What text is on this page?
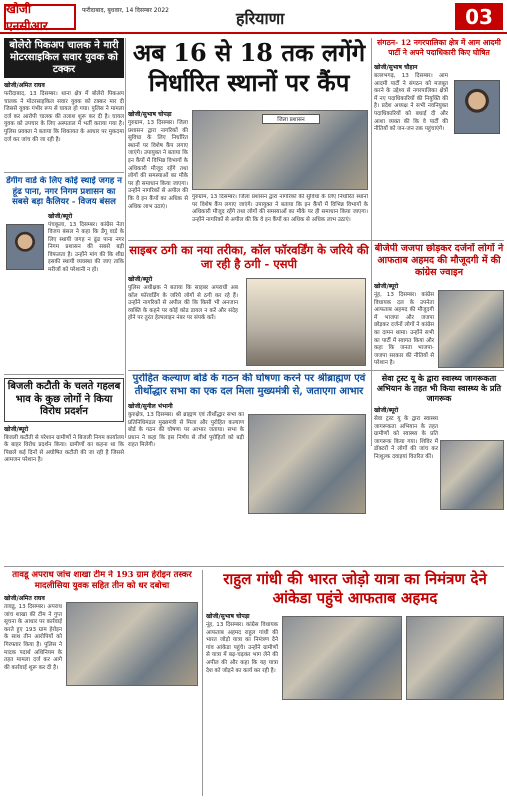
खोजी एनसीआर
फरीदाबाद, बुधवार, 14 दिसम्बर 2022	हरियाणा	03
बोलेरो पिकअप चालक ने मारी मोटरसाइकिल सवार युवक को टक्कर
खोजी/अमित राघव
फरीदाबाद, 13 दिसम्बर। थाना क्षेत्र में बोलेरो पिकअप चालक ने मोटरसाइकिल सवार युवक को टक्कर मार दी जिससे युवक गंभीर रूप से घायल हो गया। पुलिस ने मामला दर्ज कर आरोपी चालक की तलाश शुरू कर दी है। घायल युवक को उपचार के लिए अस्पताल में भर्ती कराया गया है। पुलिस प्रवक्ता ने बताया कि शिकायत के आधार पर मुकदमा दर्ज कर जांच की जा रही है।
अब 16 से 18 तक लगेंगे निर्धारित स्थानों पर कैंप
संगठन- 12 नगरपालिका क्षेत्र में आम आदमी पार्टी ने अपने पदाधिकारी किए घोषित
खोजी/सुभाष चौहान
बल्लभगढ़, 13 दिसम्बर। आम आदमी पार्टी ने संगठन को मजबूत करने के उद्देश्य से नगरपालिका क्षेत्रों में नए पदाधिकारियों की नियुक्ति की है। प्रदेश अध्यक्ष ने सभी नवनियुक्त पदाधिकारियों को बधाई दी और आशा व्यक्त की कि वे पार्टी की नीतियों को जन-जन तक पहुंचाएंगे।
खोजी/सुभाष चोपड़ा
गुरुग्राम, 13 दिसम्बर। जिला प्रशासन द्वारा नागरिकों की सुविधा के लिए निर्धारित स्थानों पर विशेष कैंप लगाए जाएंगे। उपायुक्त ने बताया कि इन कैंपों में विभिन्न विभागों के अधिकारी मौजूद रहेंगे तथा लोगों की समस्याओं का मौके पर ही समाधान किया जाएगा। उन्होंने नागरिकों से अपील की कि वे इन कैंपों का अधिक से अधिक लाभ उठाएं।
जिला प्रशासन
गुरुग्राम, 13 दिसम्बर। जिला प्रशासन द्वारा नागरिकों की सुविधा के लिए निर्धारित स्थानों पर विशेष कैंप लगाए जाएंगे। उपायुक्त ने बताया कि इन कैंपों में विभिन्न विभागों के अधिकारी मौजूद रहेंगे तथा लोगों की समस्याओं का मौके पर ही समाधान किया जाएगा। उन्होंने नागरिकों से अपील की कि वे इन कैंपों का अधिक से अधिक लाभ उठाएं।
डेंगीग वार्ड के लिए कोई स्थाई जगह न हूंढ पाना, नगर निगम प्रशासन का सबसे बड़ा कैलियर - विजय बंसल
खोजी/ब्यूरो
पंचकूला, 13 दिसम्बर। कांग्रेस नेता विजय बंसल ने कहा कि डेंगू वार्ड के लिए स्थायी जगह न ढूंढ पाना नगर निगम प्रशासन की सबसे बड़ी विफलता है। उन्होंने मांग की कि शीघ्र इसकी स्थायी व्यवस्था की जाए ताकि मरीजों को परेशानी न हो।
साइबर ठगी का नया तरीका, कॉल फॉरवर्डिंग के जरिये की जा रही है ठगी - एसपी
खोजी/ब्यूरो
पुलिस अधीक्षक ने बताया कि साइबर अपराधी अब कॉल फॉरवर्डिंग के जरिये लोगों से ठगी कर रहे हैं। उन्होंने नागरिकों से अपील की कि किसी भी अनजान व्यक्ति के कहने पर कोई कोड डायल न करें और संदेह होने पर तुरंत हेल्पलाइन नंबर पर संपर्क करें।
बीजेपी जजपा छोड़कर दर्जनों लोगों ने आफताब अहमद की मौजूदगी में की कांग्रेस ज्वाइन
खोजी/ब्यूरो
नूंह, 13 दिसम्बर। कांग्रेस विधायक दल के उपनेता आफताब अहमद की मौजूदगी में भाजपा और जजपा छोड़कर दर्जनों लोगों ने कांग्रेस का दामन थामा। उन्होंने सभी का पार्टी में स्वागत किया और कहा कि जनता भाजपा-जजपा सरकार की नीतियों से परेशान है।
पुरोहित कल्याण बोर्ड के गठन की घोषणा करने पर श्रीब्राह्मण एवं तीर्थोद्धार सभा का एक दल मिला मुख्यमंत्री से, जताएगा आभार
खोजी/सुनील भंभानी
कुरुक्षेत्र, 13 दिसम्बर। श्री ब्राह्मण एवं तीर्थोद्धार सभा का प्रतिनिधिमंडल मुख्यमंत्री से मिला और पुरोहित कल्याण बोर्ड के गठन की घोषणा पर आभार जताया। सभा के प्रधान ने कहा कि इस निर्णय से तीर्थ पुरोहितों को बड़ी राहत मिलेगी।
सेवा ट्रस्ट यू के द्वारा स्वास्थ्य जागरूकता अभियान के तहत भी किया स्वास्थ्य के प्रति जागरूक
खोजी/ब्यूरो
सेवा ट्रस्ट यू के द्वारा स्वास्थ्य जागरूकता अभियान के तहत ग्रामीणों को स्वास्थ्य के प्रति जागरूक किया गया। शिविर में डॉक्टरों ने लोगों की जांच कर निःशुल्क दवाइयां वितरित कीं।
बिजली कटौती के चलते गहलब भाव के कुछ लोगों ने किया विरोध प्रदर्शन
खोजी/ब्यूरो
बिजली कटौती से परेशान ग्रामीणों ने बिजली निगम कार्यालय के बाहर विरोध प्रदर्शन किया। ग्रामीणों का कहना था कि पिछले कई दिनों से अघोषित कटौती की जा रही है जिससे आमजन परेशान है।
तावडू अपराध जांच शाखा टीम ने 193 ग्राम हेरोइन तस्कर मादलीसिया युवक सहित तीन को धर दबोचा
खोजी/अमित राघव
तावडू, 13 दिसम्बर। अपराध जांच शाखा की टीम ने गुप्त सूचना के आधार पर कार्रवाई करते हुए 193 ग्राम हेरोइन के साथ तीन आरोपियों को गिरफ्तार किया है। पुलिस ने मादक पदार्थ अधिनियम के तहत मामला दर्ज कर आगे की कार्रवाई शुरू कर दी है।
राहुल गांधी की भारत जोड़ो यात्रा का निमंत्रण देने आंकेडा पहुंचे आफताब अहमद
खोजी/सुभाष चोपड़ा
नूंह, 13 दिसम्बर। कांग्रेस विधायक आफताब अहमद राहुल गांधी की भारत जोड़ो यात्रा का निमंत्रण देने गांव आंकेडा पहुंचे। उन्होंने ग्रामीणों से यात्रा में बढ़-चढ़कर भाग लेने की अपील की और कहा कि यह यात्रा देश को जोड़ने का कार्य कर रही है।
